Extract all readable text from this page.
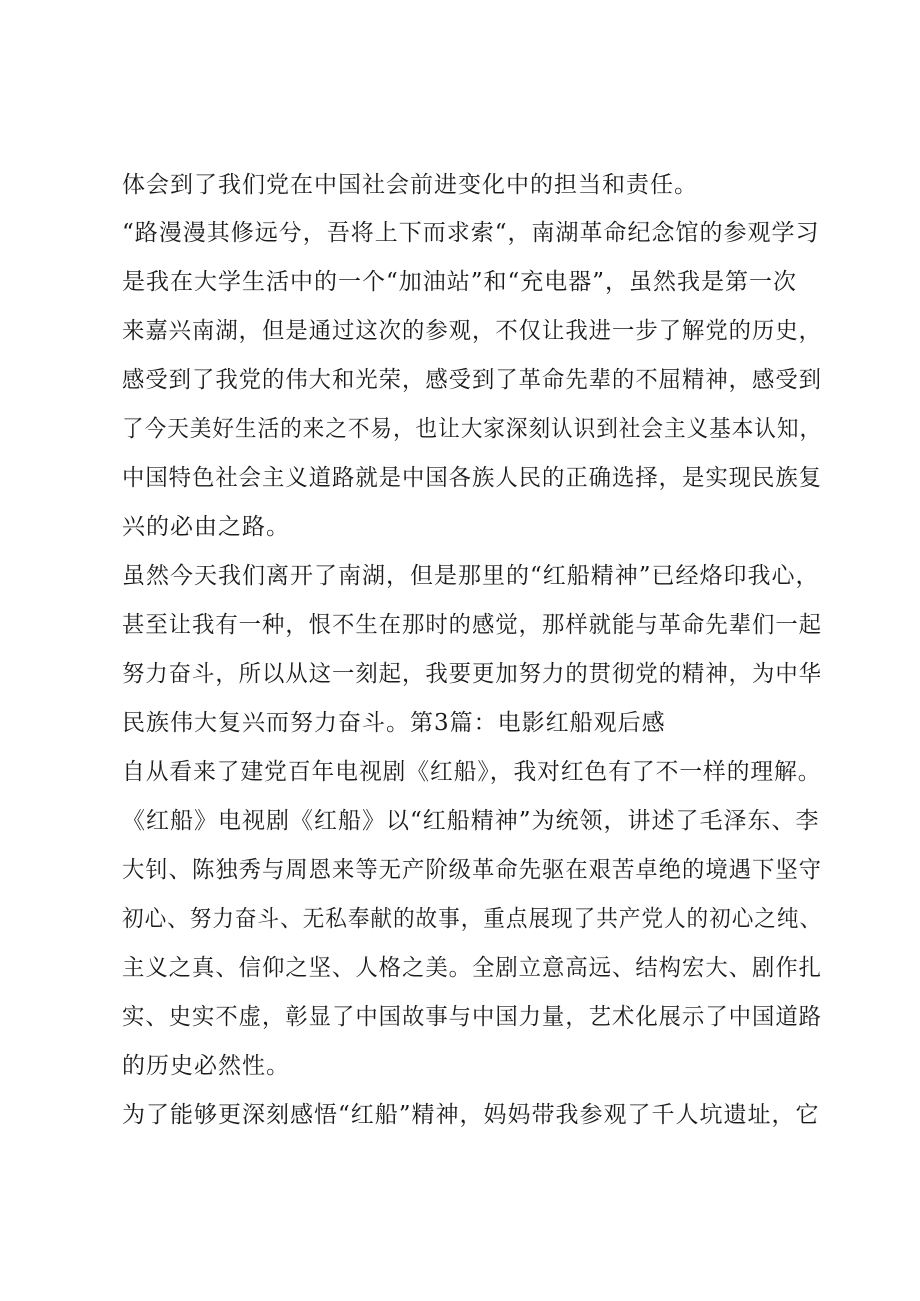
体会到了我们党在中国社会前进变化中的担当和责任。
“路漫漫其修远兮，吾将上下而求索“，南湖革命纪念馆的参观学习
是我在大学生活中的一个“加油站”和“充电器”，虽然我是第一次
来嘉兴南湖，但是通过这次的参观，不仅让我进一步了解党的历史，
感受到了我党的伟大和光荣，感受到了革命先辈的不屈精神，感受到
了今天美好生活的来之不易，也让大家深刻认识到社会主义基本认知，
中国特色社会主义道路就是中国各族人民的正确选择，是实现民族复
兴的必由之路。
虽然今天我们离开了南湖，但是那里的“红船精神”已经烙印我心，
甚至让我有一种，恨不生在那时的感觉，那样就能与革命先辈们一起
努力奋斗，所以从这一刻起，我要更加努力的贯彻党的精神，为中华
民族伟大复兴而努力奋斗。第3篇：电影红船观后感
自从看来了建党百年电视剧《红船》，我对红色有了不一样的理解。
《红船》电视剧《红船》以“红船精神”为统领，讲述了毛泽东、李
大钊、陈独秀与周恩来等无产阶级革命先驱在艰苦卓绝的境遇下坚守
初心、努力奋斗、无私奉献的故事，重点展现了共产党人的初心之纯、
主义之真、信仰之坚、人格之美。全剧立意高远、结构宏大、剧作扎
实、史实不虚，彰显了中国故事与中国力量，艺术化展示了中国道路
的历史必然性。
为了能够更深刻感悟“红船”精神，妈妈带我参观了千人坑遗址，它
